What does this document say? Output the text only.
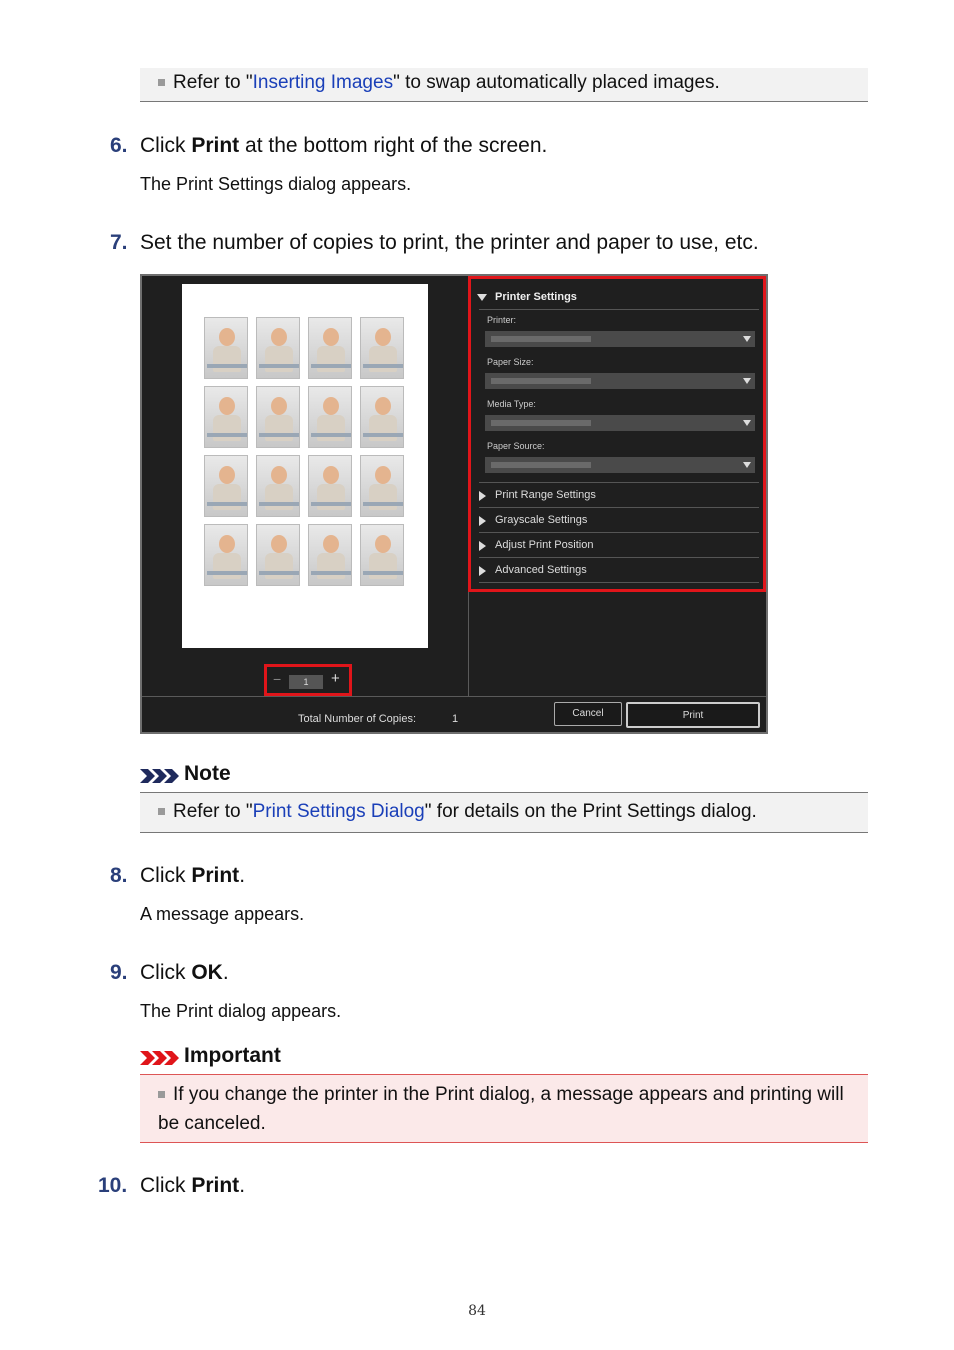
Refer to "Inserting Images" to swap automatically placed images.
6. Click Print at the bottom right of the screen.
The Print Settings dialog appears.
7. Set the number of copies to print, the printer and paper to use, etc.
Printer Settings
Printer:
Paper Size:
Media Type:
Paper Source:
Print Range Settings
Grayscale Settings
Adjust Print Position
Advanced Settings
−	1	+
Total Number of Copies:	1	Cancel	Print
Note
Refer to "Print Settings Dialog" for details on the Print Settings dialog.
8. Click Print.
A message appears.
9. Click OK.
The Print dialog appears.
Important
If you change the printer in the Print dialog, a message appears and printing will be canceled.
10. Click Print.
84
